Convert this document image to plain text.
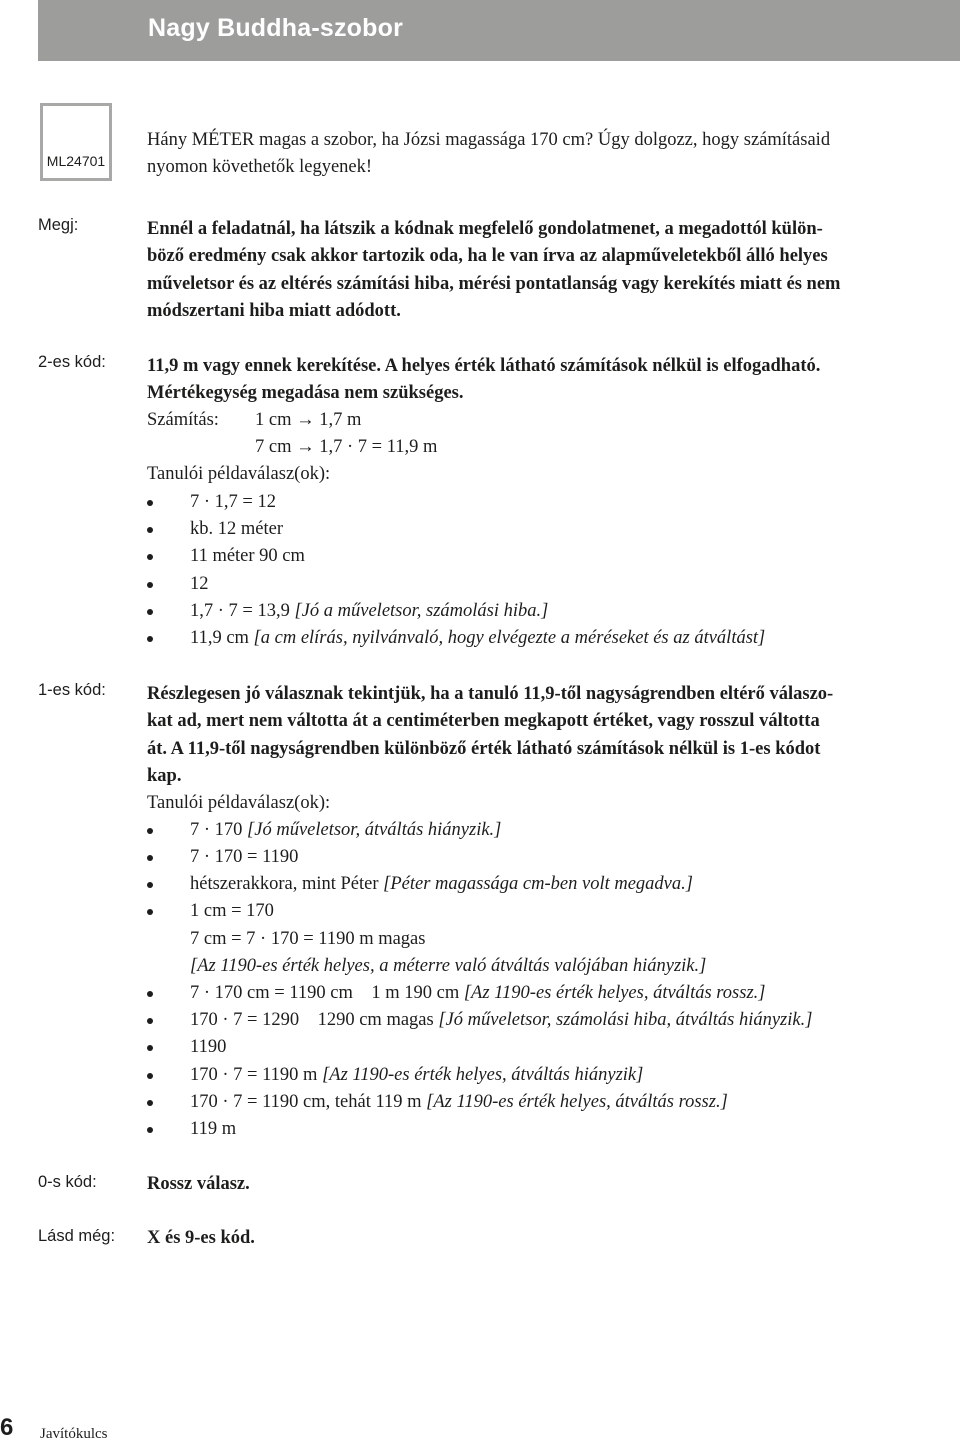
Nagy Buddha-szobor
ML24701
Hány MÉTER magas a szobor, ha Józsi magassága 170 cm? Úgy dolgozz, hogy számításaid
nyomon követhetők legyenek!
Megj:
2-es kód:
1-es kód:
0-s kód:
Lásd még:
Ennél a feladatnál, ha látszik a kódnak megfelelő gondolatmenet, a megadottól külön-
böző eredmény csak akkor tartozik oda, ha le van írva az alapműveletekből álló helyes
műveletsor és az eltérés számítási hiba, mérési pontatlanság vagy kerekítés miatt és nem
módszertani hiba miatt adódott.
11,9 m vagy ennek kerekítése. A helyes érték látható számítások nélkül is elfogadható.
Mértékegység megadása nem szükséges.
Számítás: 1 cm → 1,7 m
7 cm → 1,7 · 7 = 11,9 m
Tanulói példaválasz(ok):
7 · 1,7 = 12
kb. 12 méter
11 méter 90 cm
12
1,7 · 7 = 13,9 [Jó a műveletsor, számolási hiba.]
11,9 cm [a cm elírás, nyilvánvaló, hogy elvégezte a méréseket és az átváltást]
Részlegesen jó válasznak tekintjük, ha a tanuló 11,9-től nagyságrendben eltérő válaszo-
kat ad, mert nem váltotta át a centiméterben megkapott értéket, vagy rosszul váltotta
át. A 11,9-től nagyságrendben különböző érték látható számítások nélkül is 1-es kódot
kap.
Tanulói példaválasz(ok):
7 · 170 [Jó műveletsor, átváltás hiányzik.]
7 · 170 = 1190
hétszerakkora, mint Péter [Péter magassága cm-ben volt megadva.]
1 cm = 170
7 cm = 7 · 170 = 1190 m magas
[Az 1190-es érték helyes, a méterre való átváltás valójában hiányzik.]
7 · 170 cm = 1190 cm    1 m 190 cm [Az 1190-es érték helyes, átváltás rossz.]
170 · 7 = 1290    1290 cm magas [Jó műveletsor, számolási hiba, átváltás hiányzik.]
1190
170 · 7 = 1190 m [Az 1190-es érték helyes, átváltás hiányzik]
170 · 7 = 1190 cm, tehát 119 m [Az 1190-es érték helyes, átváltás rossz.]
119 m
Rossz válasz.
X és 9-es kód.
6 Javítókulcs
